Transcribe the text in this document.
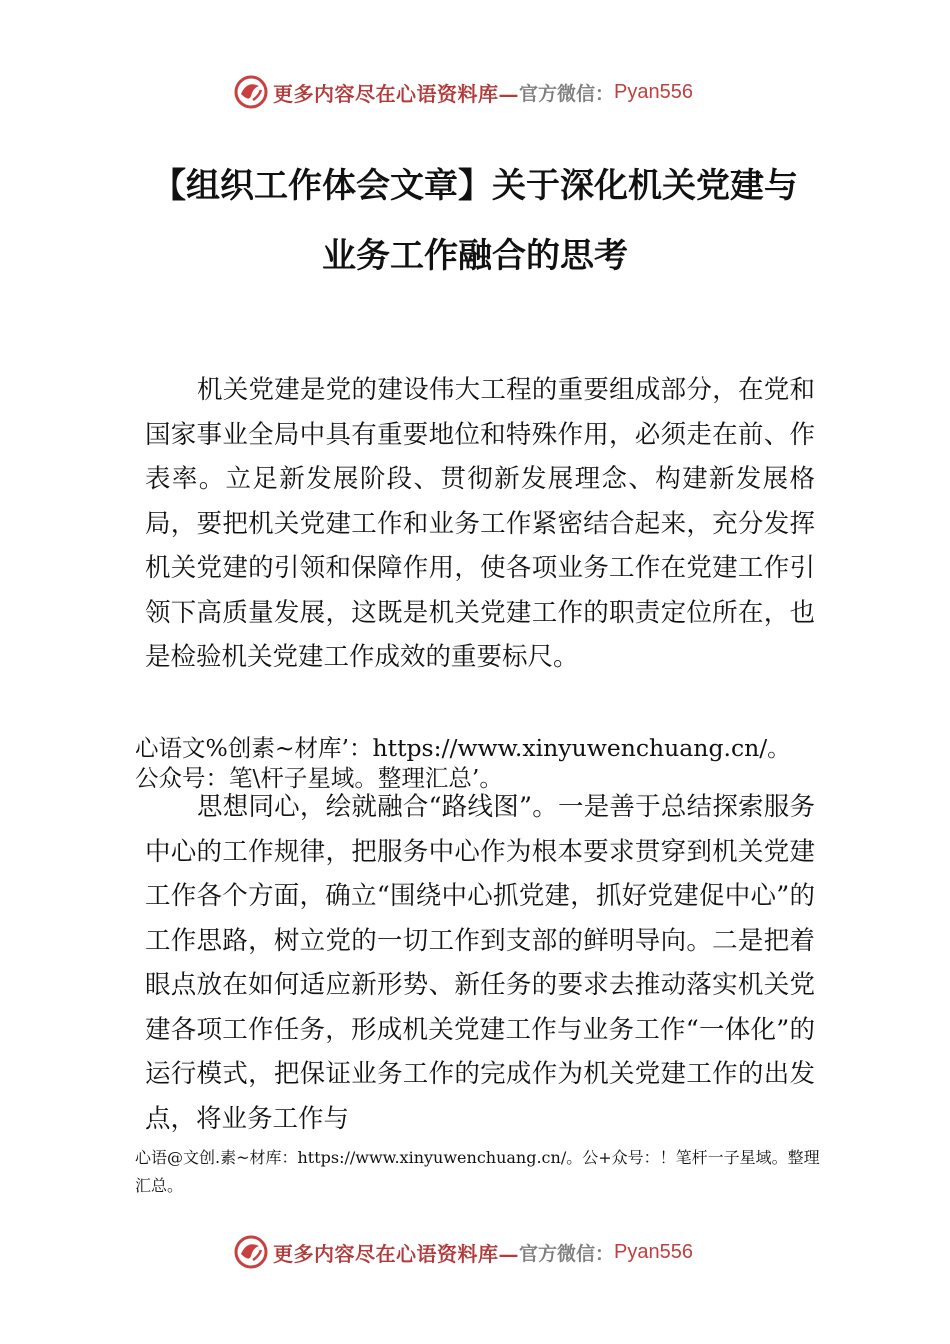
更多内容尽在心语资料库— 官方微信： Pyan556
【组织工作体会文章】关于深化机关党建与
业务工作融合的思考

机关党建是党的建设伟大工程的重要组成部分，在党和国家事业全局中具有重要地位和特殊作用，必须走在前、作表率。立足新发展阶段、贯彻新发展理念、构建新发展格局，要把机关党建工作和业务工作紧密结合起来，充分发挥机关党建的引领和保障作用，使各项业务工作在党建工作引领下高质量发展，这既是机关党建工作的职责定位所在，也是检验机关党建工作成效的重要标尺。

心语文%创素~材库’：https://www.xinyuwenchuang.cn/。

公众号：笔\杆子星域。整理汇总’。

思想同心，绘就融合“路线图”。一是善于总结探索服务中心的工作规律，把服务中心作为根本要求贯穿到机关党建工作各个方面，确立“围绕中心抓党建，抓好党建促中心”的工作思路，树立党的一切工作到支部的鲜明导向。二是把着眼点放在如何适应新形势、新任务的要求去推动落实机关党建各项工作任务，形成机关党建工作与业务工作“一体化”的运行模式，把保证业务工作的完成作为机关党建工作的出发点，将业务工作与

心语@文创.素~材库：https://www.xinyuwenchuang.cn/。公+众号：！笔杆一子星域。整理汇总。

更多内容尽在心语资料库— 官方微信： Pyan556
